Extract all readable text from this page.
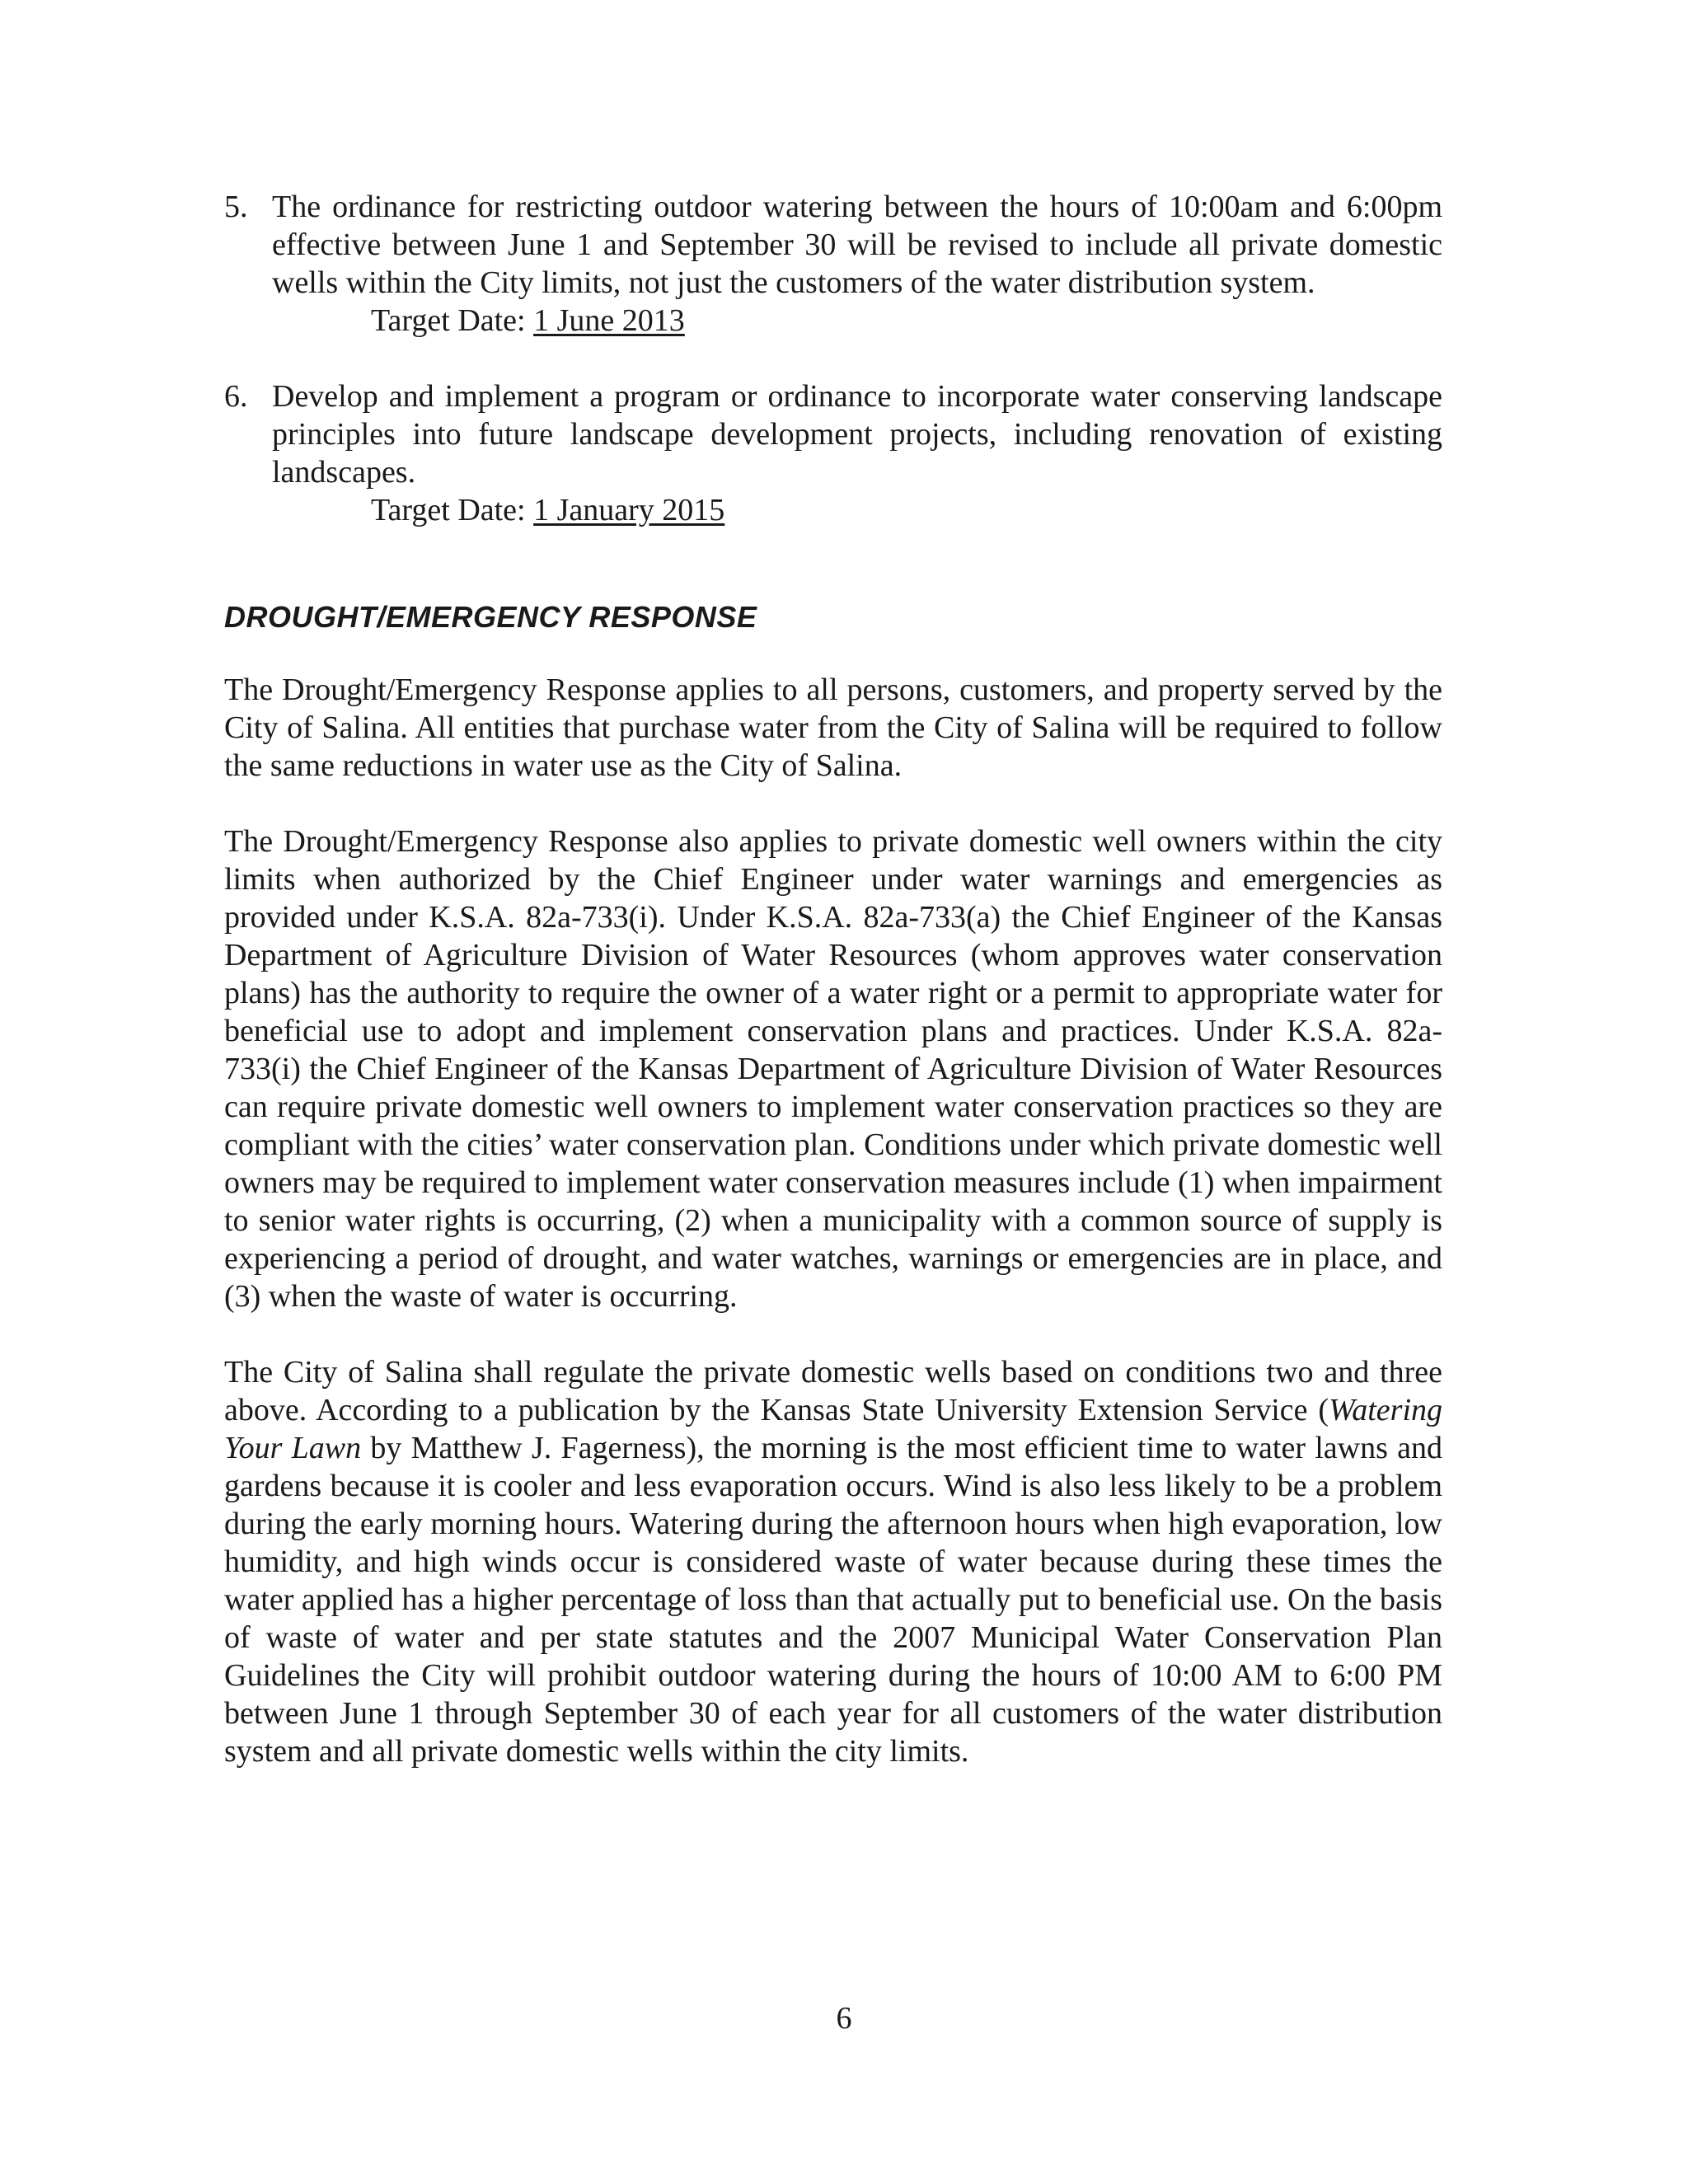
5. The ordinance for restricting outdoor watering between the hours of 10:00am and 6:00pm effective between June 1 and September 30 will be revised to include all private domestic wells within the City limits, not just the customers of the water distribution system.
Target Date: 1 June 2013
6. Develop and implement a program or ordinance to incorporate water conserving landscape principles into future landscape development projects, including renovation of existing landscapes.
Target Date: 1 January 2015
DROUGHT/EMERGENCY RESPONSE

The Drought/Emergency Response applies to all persons, customers, and property served by the City of Salina. All entities that purchase water from the City of Salina will be required to follow the same reductions in water use as the City of Salina.

The Drought/Emergency Response also applies to private domestic well owners within the city limits when authorized by the Chief Engineer under water warnings and emergencies as provided under K.S.A. 82a-733(i). Under K.S.A. 82a-733(a) the Chief Engineer of the Kansas Department of Agriculture Division of Water Resources (whom approves water conservation plans) has the authority to require the owner of a water right or a permit to appropriate water for beneficial use to adopt and implement conservation plans and practices. Under K.S.A. 82a-733(i) the Chief Engineer of the Kansas Department of Agriculture Division of Water Resources can require private domestic well owners to implement water conservation practices so they are compliant with the cities’ water conservation plan. Conditions under which private domestic well owners may be required to implement water conservation measures include (1) when impairment to senior water rights is occurring, (2) when a municipality with a common source of supply is experiencing a period of drought, and water watches, warnings or emergencies are in place, and (3) when the waste of water is occurring.

The City of Salina shall regulate the private domestic wells based on conditions two and three above. According to a publication by the Kansas State University Extension Service (Watering Your Lawn by Matthew J. Fagerness), the morning is the most efficient time to water lawns and gardens because it is cooler and less evaporation occurs. Wind is also less likely to be a problem during the early morning hours. Watering during the afternoon hours when high evaporation, low humidity, and high winds occur is considered waste of water because during these times the water applied has a higher percentage of loss than that actually put to beneficial use. On the basis of waste of water and per state statutes and the 2007 Municipal Water Conservation Plan Guidelines the City will prohibit outdoor watering during the hours of 10:00 AM to 6:00 PM between June 1 through September 30 of each year for all customers of the water distribution system and all private domestic wells within the city limits.

6
